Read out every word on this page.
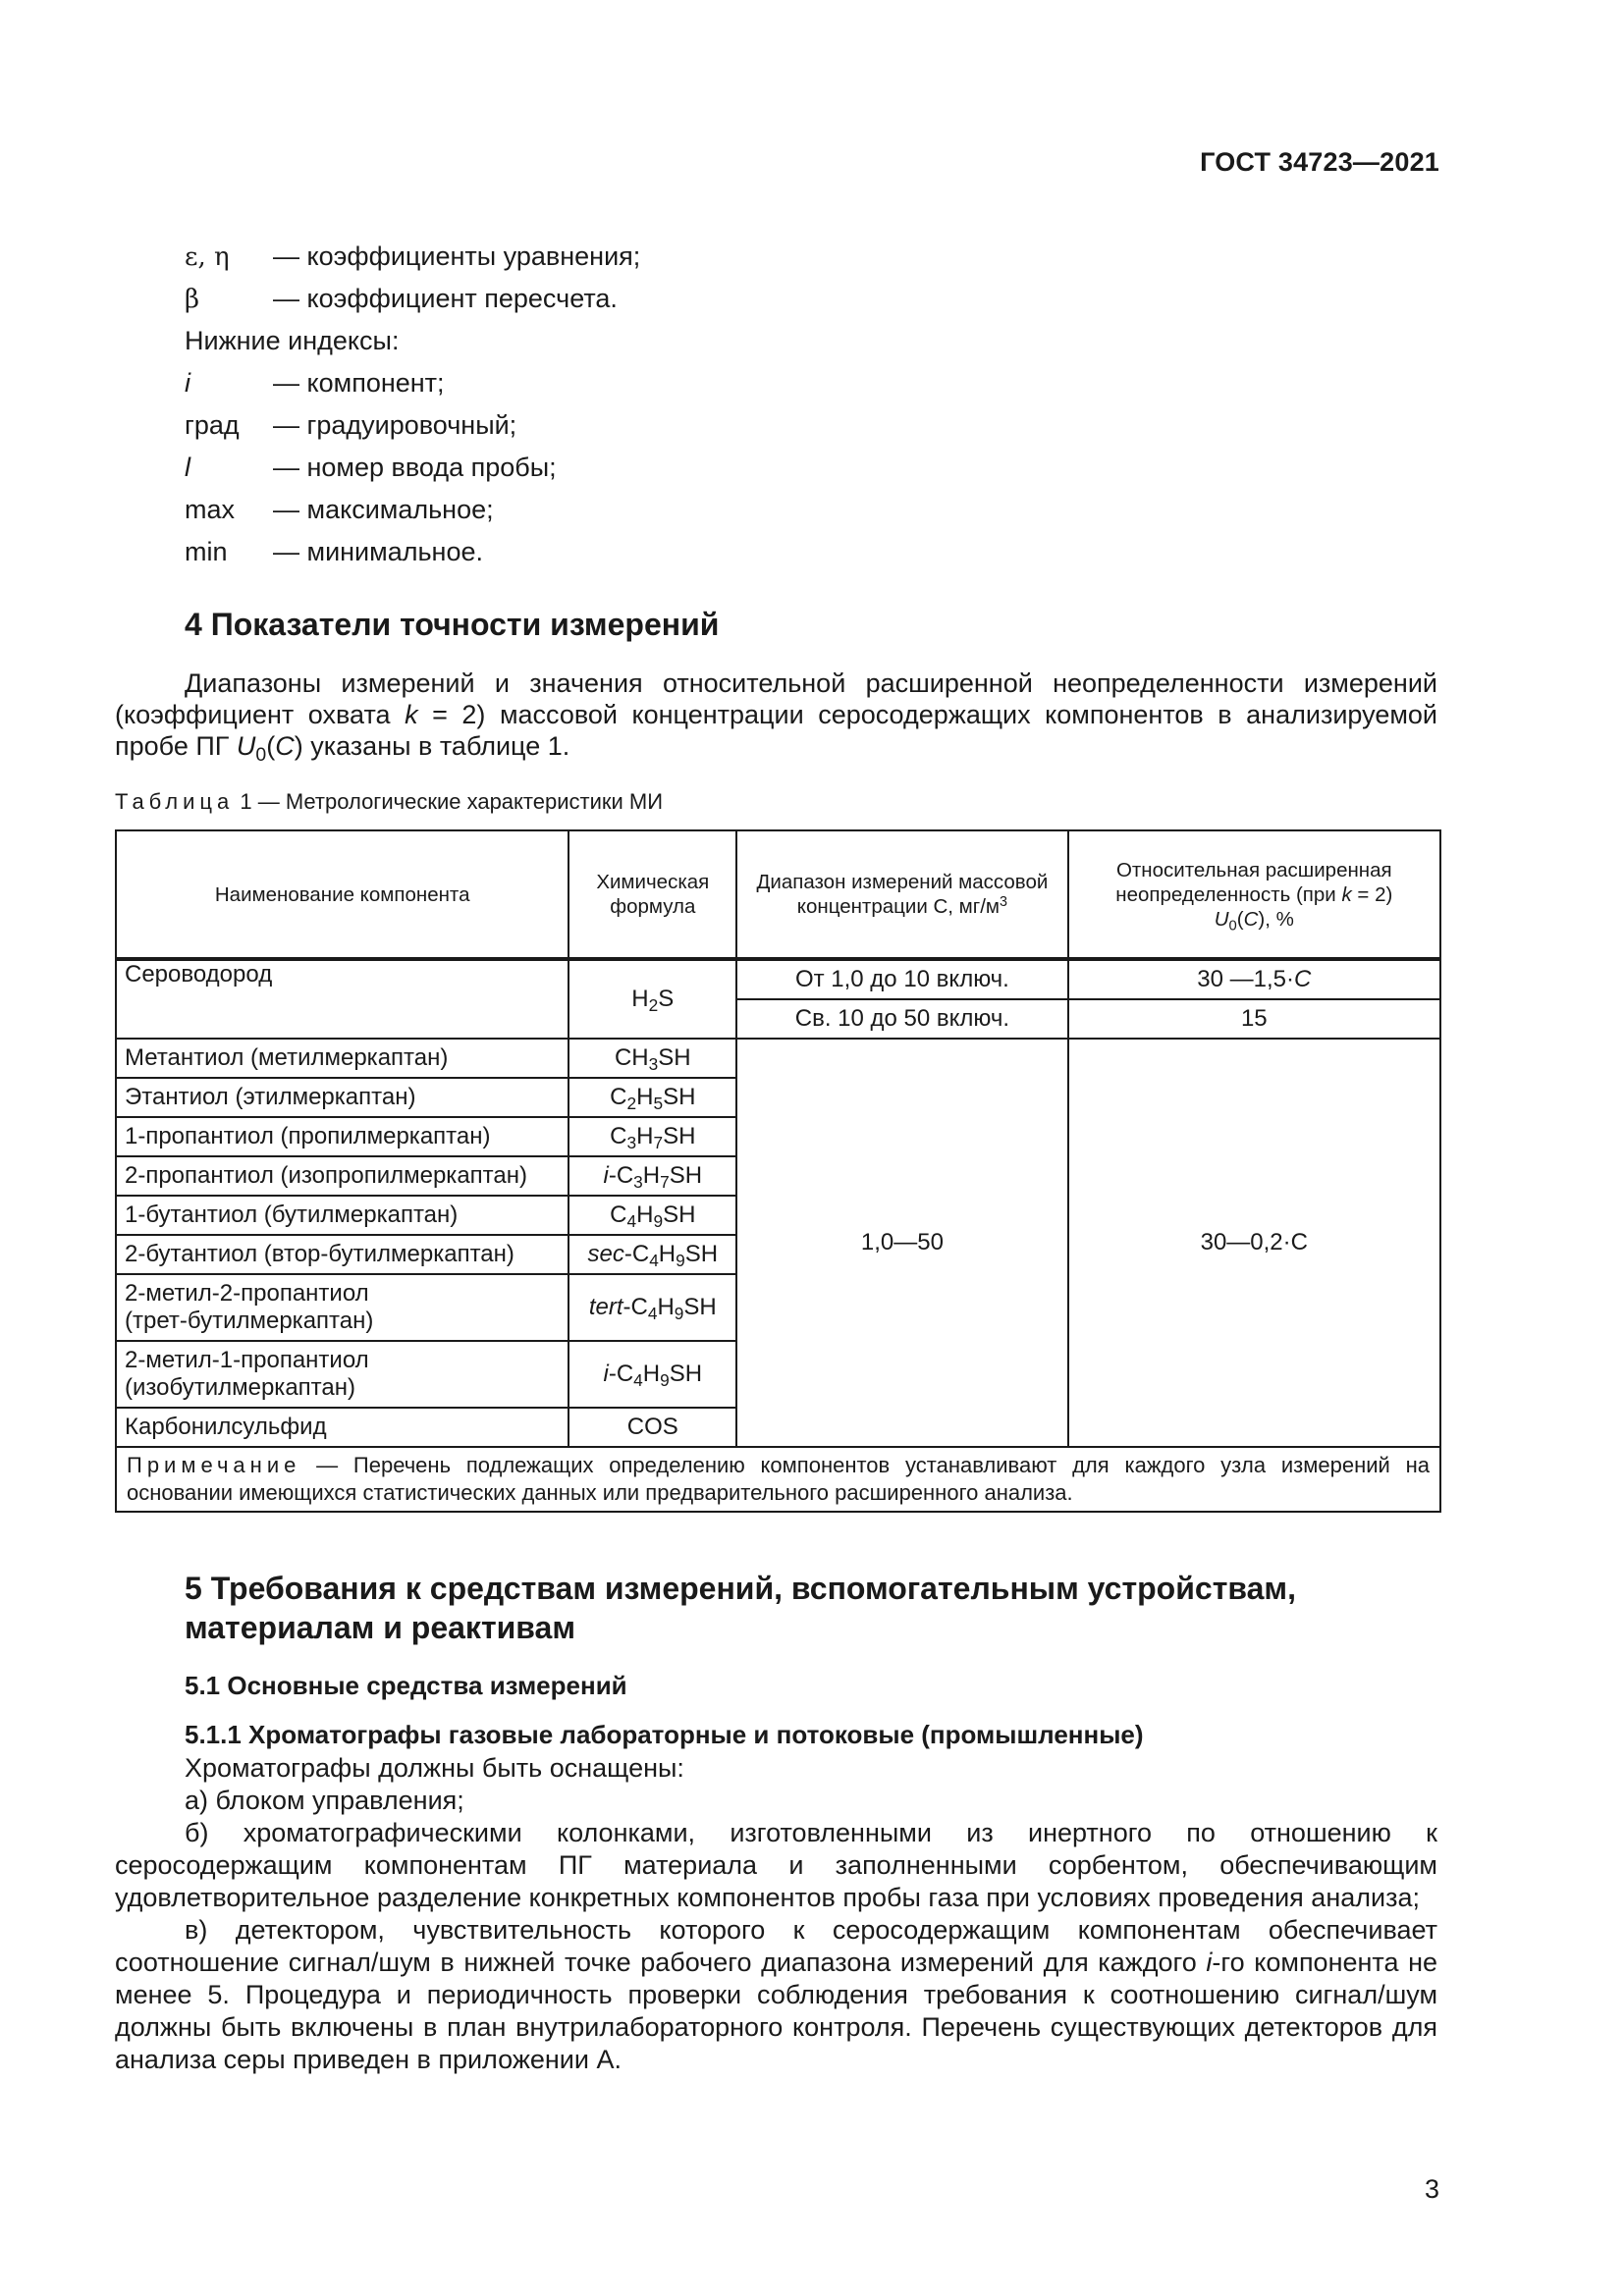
ГОСТ 34723—2021
ε, η	— коэффициенты уравнения;
β	— коэффициент пересчета.
Нижние индексы:
i	— компонент;
град	— градуировочный;
l	— номер ввода пробы;
max	— максимальное;
min	— минимальное.
4 Показатели точности измерений

Диапазоны измерений и значения относительной расширенной неопределенности измерений (коэффициент охвата k = 2) массовой концентрации серосодержащих компонентов в анализируемой пробе ПГ $U_0(C)$ указаны в таблице 1.

Таблица 1 — Метрологические характеристики МИ
Наименование компонента	Химическая формула	Диапазон измерений массовой концентрации С, $мг/м^3$	Относительная расширенная неопределенность (при k = 2)
$U_0(C)$, %
Сероводород	$H_2S$	От 1,0 до 10 включ.	30 —1,5·C
		Св. 10 до 50 включ.	15
Метантиол (метилмеркаптан)	$CH_3SH$	1,0—50	30—0,2·C
Этантиол (этилмеркаптан)	$C_2H_5SH$		
1-пропантиол (пропилмеркаптан)	$C_3H_7SH$		
2-пропантиол (изопропилмеркаптан)	$i-C_3H_7SH$		
1-бутантиол (бутилмеркаптан)	$C_4H_9SH$		
2-бутантиол (втор-бутилмеркаптан)	$\sec-C_4H_9SH$		
2-метил-2-пропантиол
(трет-бутилмеркаптан)	tert-$C_4H_9SH$		
2-метил-1-пропантиол
(изобутилмеркаптан)	$i-C_4H_9SH$		
Карбонилсульфид	COS		
Примечание — Перечень подлежащих определению компонентов устанавливают для каждого узла измерений на основании имеющихся статистических данных или предварительного расширенного анализа.			
5 Требования к средствам измерений, вспомогательным устройствам,
материалам и реактивам
5.1 Основные средства измерений
5.1.1 Хроматографы газовые лабораторные и потоковые (промышленные)

Хроматографы должны быть оснащены:

а) блоком управления;

б) хроматографическими колонками, изготовленными из инертного по отношению к серосодержащим компонентам ПГ материала и заполненными сорбентом, обеспечивающим удовлетворительное разделение конкретных компонентов пробы газа при условиях проведения анализа;

в) детектором, чувствительность которого к серосодержащим компонентам обеспечивает соотношение сигнал/шум в нижней точке рабочего диапазона измерений для каждого i-го компонента не менее 5. Процедура и периодичность проверки соблюдения требования к соотношению сигнал/шум должны быть включены в план внутрилабораторного контроля. Перечень существующих детекторов для анализа серы приведен в приложении А.

3
